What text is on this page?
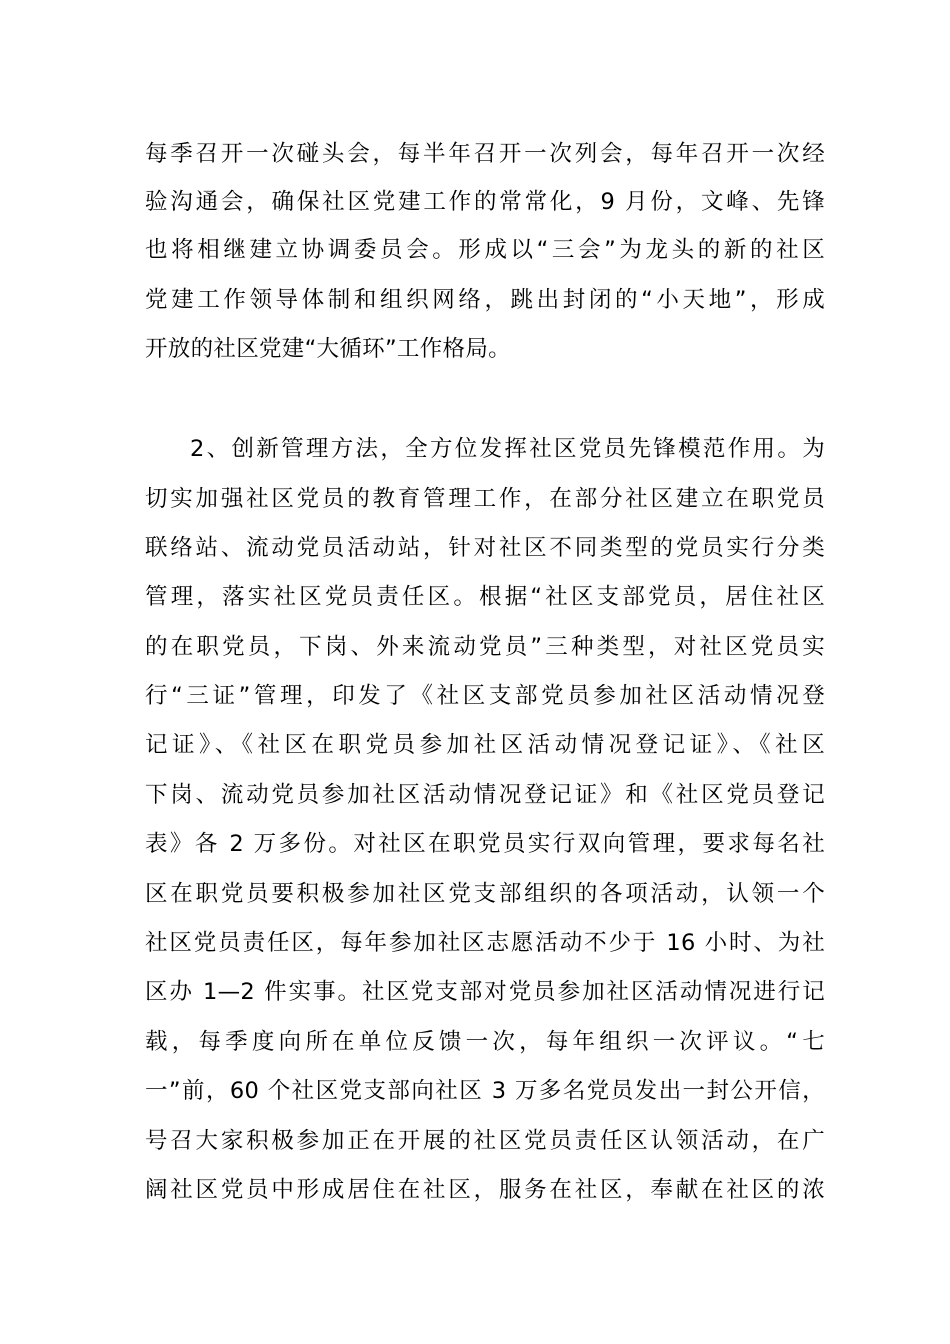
每季召开一次碰头会，每半年召开一次列会，每年召开一次经
验沟通会，确保社区党建工作的常常化，9 月份，文峰、先锋
也将相继建立协调委员会。形成以“三会”为龙头的新的社区
党建工作领导体制和组织网络，跳出封闭的“小天地”，形成
开放的社区党建“大循环”工作格局。
2、创新管理方法，全方位发挥社区党员先锋模范作用。为
切实加强社区党员的教育管理工作，在部分社区建立在职党员
联络站、流动党员活动站，针对社区不同类型的党员实行分类
管理，落实社区党员责任区。根据“社区支部党员，居住社区
的在职党员，下岗、外来流动党员”三种类型，对社区党员实
行“三证”管理，印发了《社区支部党员参加社区活动情况登
记证》、《社区在职党员参加社区活动情况登记证》、《社区
下岗、流动党员参加社区活动情况登记证》和《社区党员登记
表》各 2 万多份。对社区在职党员实行双向管理，要求每名社
区在职党员要积极参加社区党支部组织的各项活动，认领一个
社区党员责任区，每年参加社区志愿活动不少于 16 小时、为社
区办 1—2 件实事。社区党支部对党员参加社区活动情况进行记
载，每季度向所在单位反馈一次，每年组织一次评议。“七
一”前，60 个社区党支部向社区 3 万多名党员发出一封公开信，
号召大家积极参加正在开展的社区党员责任区认领活动，在广
阔社区党员中形成居住在社区，服务在社区，奉献在社区的浓
